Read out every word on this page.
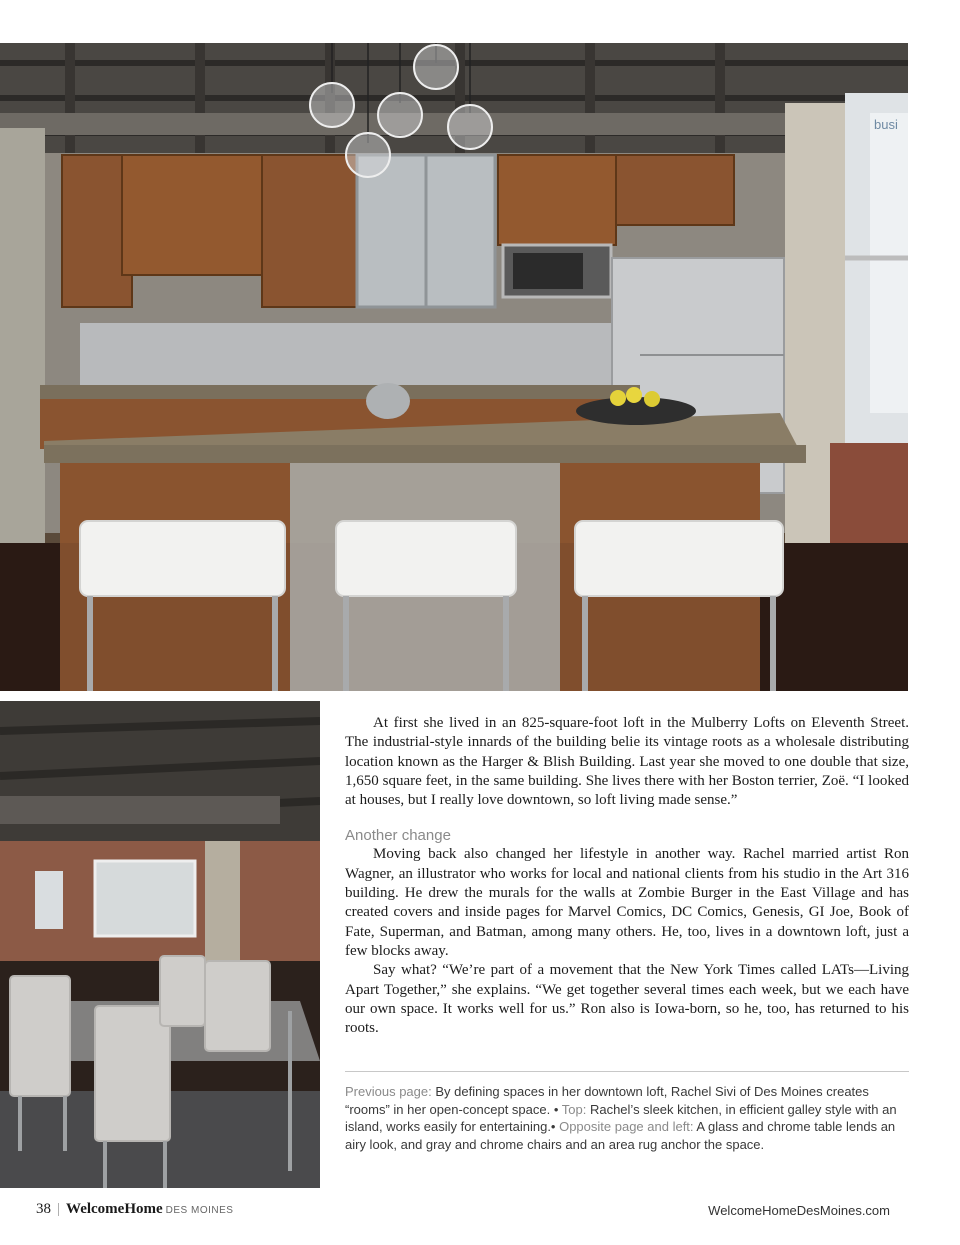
busi

At first she lived in an 825-square-foot loft in the Mulberry Lofts on Eleventh Street. The industrial-style innards of the building belie its vintage roots as a wholesale distributing location known as the Harger & Blish Building. Last year she moved to one double that size, 1,650 square feet, in the same building. She lives there with her Boston terrier, Zoë. “I looked at houses, but I really love downtown, so loft living made sense.”

Another change

Moving back also changed her lifestyle in another way. Rachel married artist Ron Wagner, an illustrator who works for local and national clients from his studio in the Art 316 building. He drew the murals for the walls at Zombie Burger in the East Village and has created covers and inside pages for Marvel Comics, DC Comics, Genesis, GI Joe, Book of Fate, Superman, and Batman, among many others. He, too, lives in a downtown loft, just a few blocks away.

Say what? “We’re part of a movement that the New York Times called LATs—Living Apart Together,” she explains. “We get together several times each week, but we each have our own space. It works well for us.” Ron also is Iowa-born, so he, too, has returned to his roots.

Previous page: By defining spaces in her downtown loft, Rachel Sivi of Des Moines creates “rooms” in her open-concept space. • Top: Rachel’s sleek kitchen, in efficient galley style with an island, works easily for entertaining.• Opposite page and left: A glass and chrome table lends an airy look, and gray and chrome chairs and an area rug anchor the space.
38 | WelcomeHome DES MOINES	WelcomeHomeDesMoines.com
